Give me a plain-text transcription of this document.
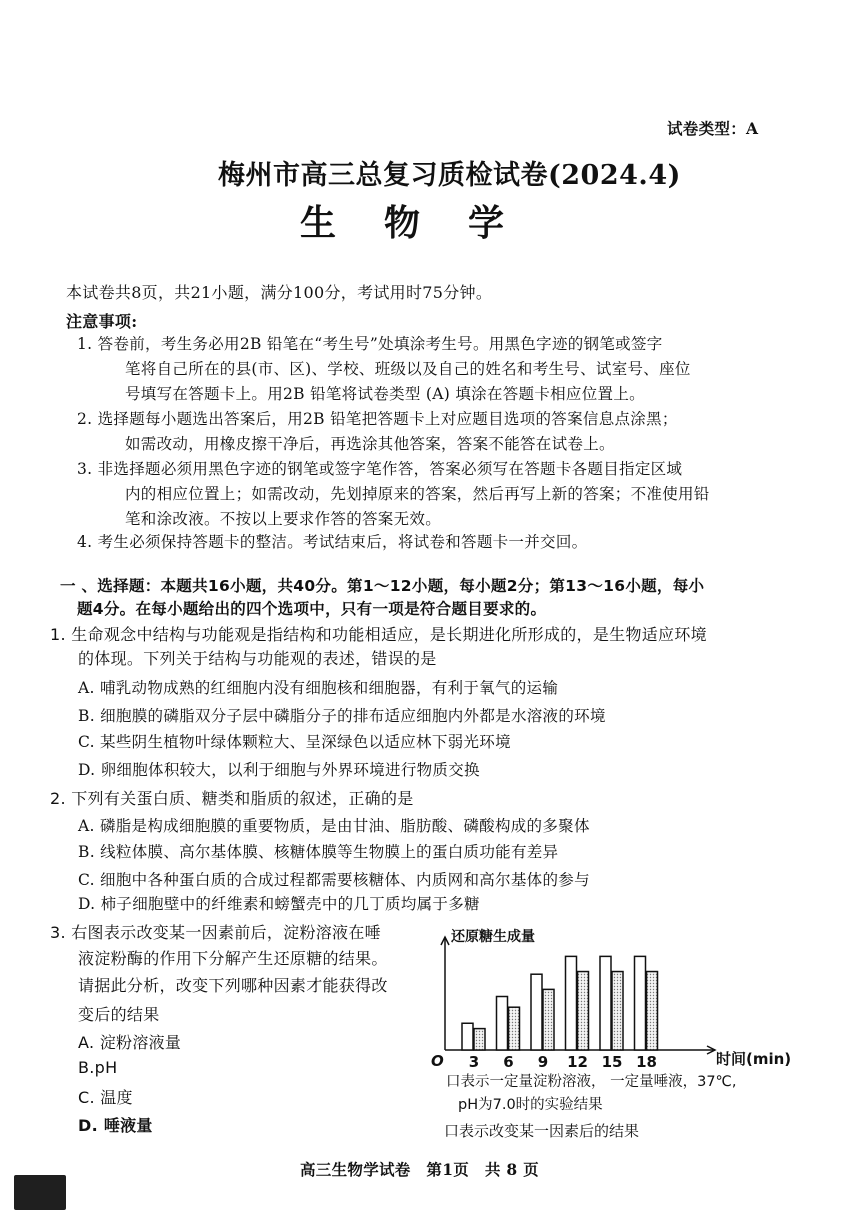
试卷类型：A
梅州市高三总复习质检试卷(2024.4)
生　物　学
本试卷共8页，共21小题，满分100分，考试用时75分钟。
注意事项:
1. 答卷前，考生务必用2B 铅笔在“考生号”处填涂考生号。用黑色字迹的钢笔或签字
笔将自己所在的县(市、区)、学校、班级以及自己的姓名和考生号、试室号、座位
号填写在答题卡上。用2B 铅笔将试卷类型 (A) 填涂在答题卡相应位置上。
2. 选择题每小题选出答案后，用2B 铅笔把答题卡上对应题目选项的答案信息点涂黑；
如需改动，用橡皮擦干净后，再选涂其他答案，答案不能答在试卷上。
3. 非选择题必须用黑色字迹的钢笔或签字笔作答，答案必须写在答题卡各题目指定区域
内的相应位置上；如需改动，先划掉原来的答案，然后再写上新的答案；不准使用铅
笔和涂改液。不按以上要求作答的答案无效。
4. 考生必须保持答题卡的整洁。考试结束后，将试卷和答题卡一并交回。
一 、选择题：本题共16小题，共40分。第1～12小题，每小题2分；第13～16小题，每小
题4分。在每小题给出的四个选项中，只有一项是符合题目要求的。
1. 生命观念中结构与功能观是指结构和功能相适应，是长期进化所形成的，是生物适应环境
的体现。下列关于结构与功能观的表述，错误的是
A. 哺乳动物成熟的红细胞内没有细胞核和细胞器，有利于氧气的运输
B. 细胞膜的磷脂双分子层中磷脂分子的排布适应细胞内外都是水溶液的环境
C. 某些阴生植物叶绿体颗粒大、呈深绿色以适应林下弱光环境
D. 卵细胞体积较大，以利于细胞与外界环境进行物质交换
2. 下列有关蛋白质、糖类和脂质的叙述，正确的是
A. 磷脂是构成细胞膜的重要物质，是由甘油、脂肪酸、磷酸构成的多聚体
B. 线粒体膜、高尔基体膜、核糖体膜等生物膜上的蛋白质功能有差异
C. 细胞中各种蛋白质的合成过程都需要核糖体、内质网和高尔基体的参与
D. 柿子细胞壁中的纤维素和螃蟹壳中的几丁质均属于多糖
3. 右图表示改变某一因素前后，淀粉溶液在唾
液淀粉酶的作用下分解产生还原糖的结果。
请据此分析，改变下列哪种因素才能获得改
变后的结果
A. 淀粉溶液量
B.pH
C. 温度
D. 唾液量
还原糖生成量
时间(min)
O 3 6 9 12 15 18
口表示一定量淀粉溶液， 一定量唾液，37℃,
pH为7.0时的实验结果
口表示改变某一因素后的结果
高三生物学试卷　第1页　共 8 页
